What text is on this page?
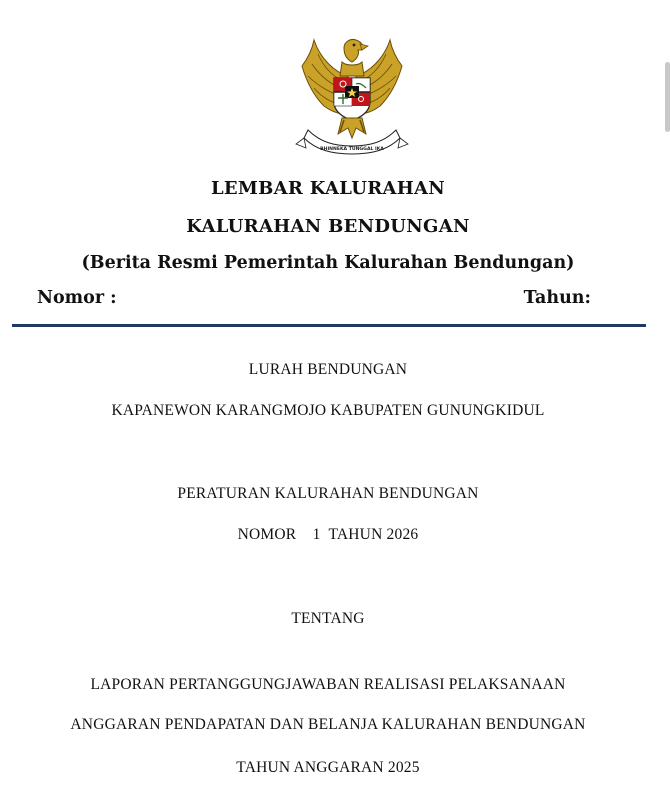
BHINNEKA TUNGGAL IKA
LEMBAR KALURAHAN
KALURAHAN BENDUNGAN
(Berita Resmi Pemerintah Kalurahan Bendungan)
Nomor :	Tahun:
LURAH BENDUNGAN
KAPANEWON KARANGMOJO KABUPATEN GUNUNGKIDUL
PERATURAN KALURAHAN BENDUNGAN
NOMOR    1  TAHUN 2026
TENTANG
LAPORAN PERTANGGUNGJAWABAN REALISASI PELAKSANAAN
ANGGARAN PENDAPATAN DAN BELANJA KALURAHAN BENDUNGAN
TAHUN ANGGARAN 2025
